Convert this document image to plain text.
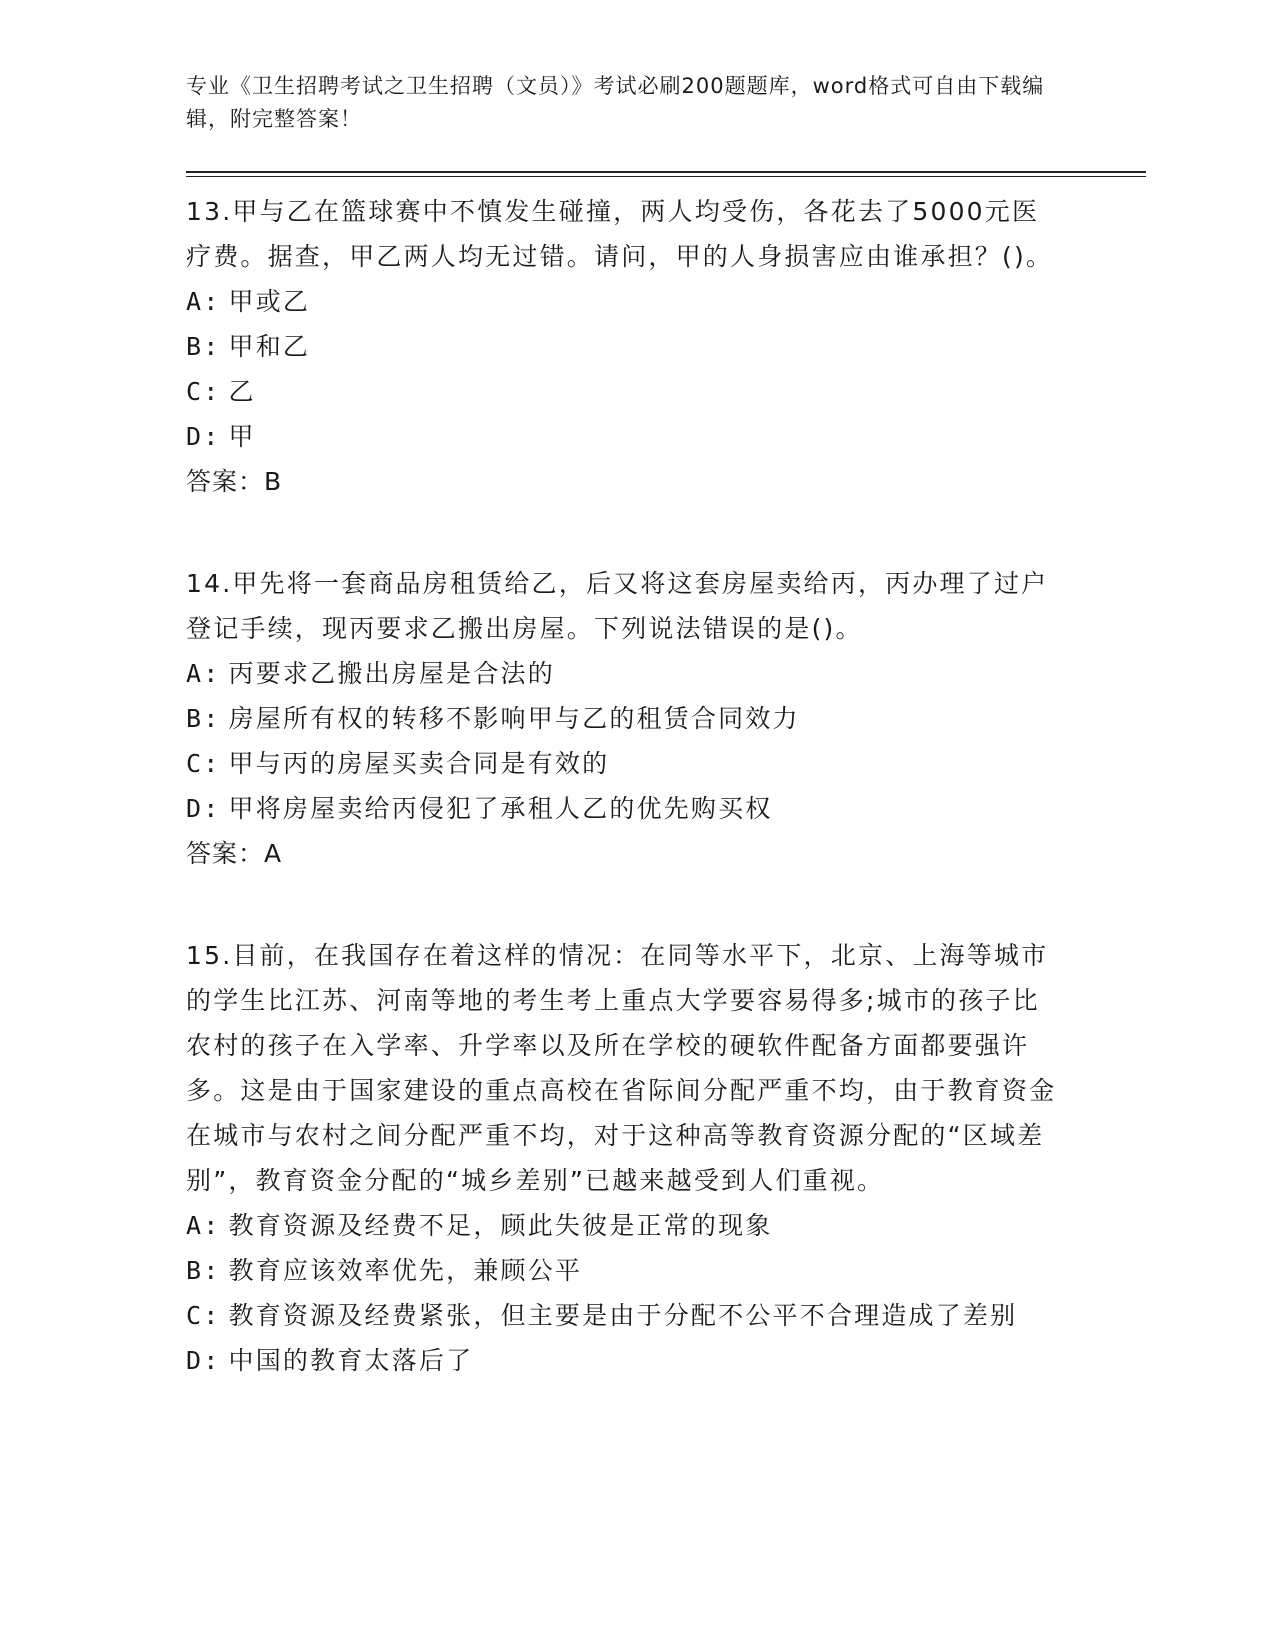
专业《卫生招聘考试之卫生招聘（文员）》考试必刷200题题库，word格式可自由下载编辑，附完整答案！
13.甲与乙在篮球赛中不慎发生碰撞，两人均受伤，各花去了5000元医疗费。据查，甲乙两人均无过错。请问，甲的人身损害应由谁承担？()。
A: 甲或乙
B: 甲和乙
C: 乙
D: 甲
答案：B
14.甲先将一套商品房租赁给乙，后又将这套房屋卖给丙，丙办理了过户登记手续，现丙要求乙搬出房屋。下列说法错误的是()。
A: 丙要求乙搬出房屋是合法的
B: 房屋所有权的转移不影响甲与乙的租赁合同效力
C: 甲与丙的房屋买卖合同是有效的
D: 甲将房屋卖给丙侵犯了承租人乙的优先购买权
答案：A
15.目前，在我国存在着这样的情况：在同等水平下，北京、上海等城市的学生比江苏、河南等地的考生考上重点大学要容易得多;城市的孩子比农村的孩子在入学率、升学率以及所在学校的硬软件配备方面都要强许多。这是由于国家建设的重点高校在省际间分配严重不均，由于教育资金在城市与农村之间分配严重不均，对于这种高等教育资源分配的“区域差别”，教育资金分配的“城乡差别”已越来越受到人们重视。
A: 教育资源及经费不足，顾此失彼是正常的现象
B: 教育应该效率优先，兼顾公平
C: 教育资源及经费紧张，但主要是由于分配不公平不合理造成了差别
D: 中国的教育太落后了
